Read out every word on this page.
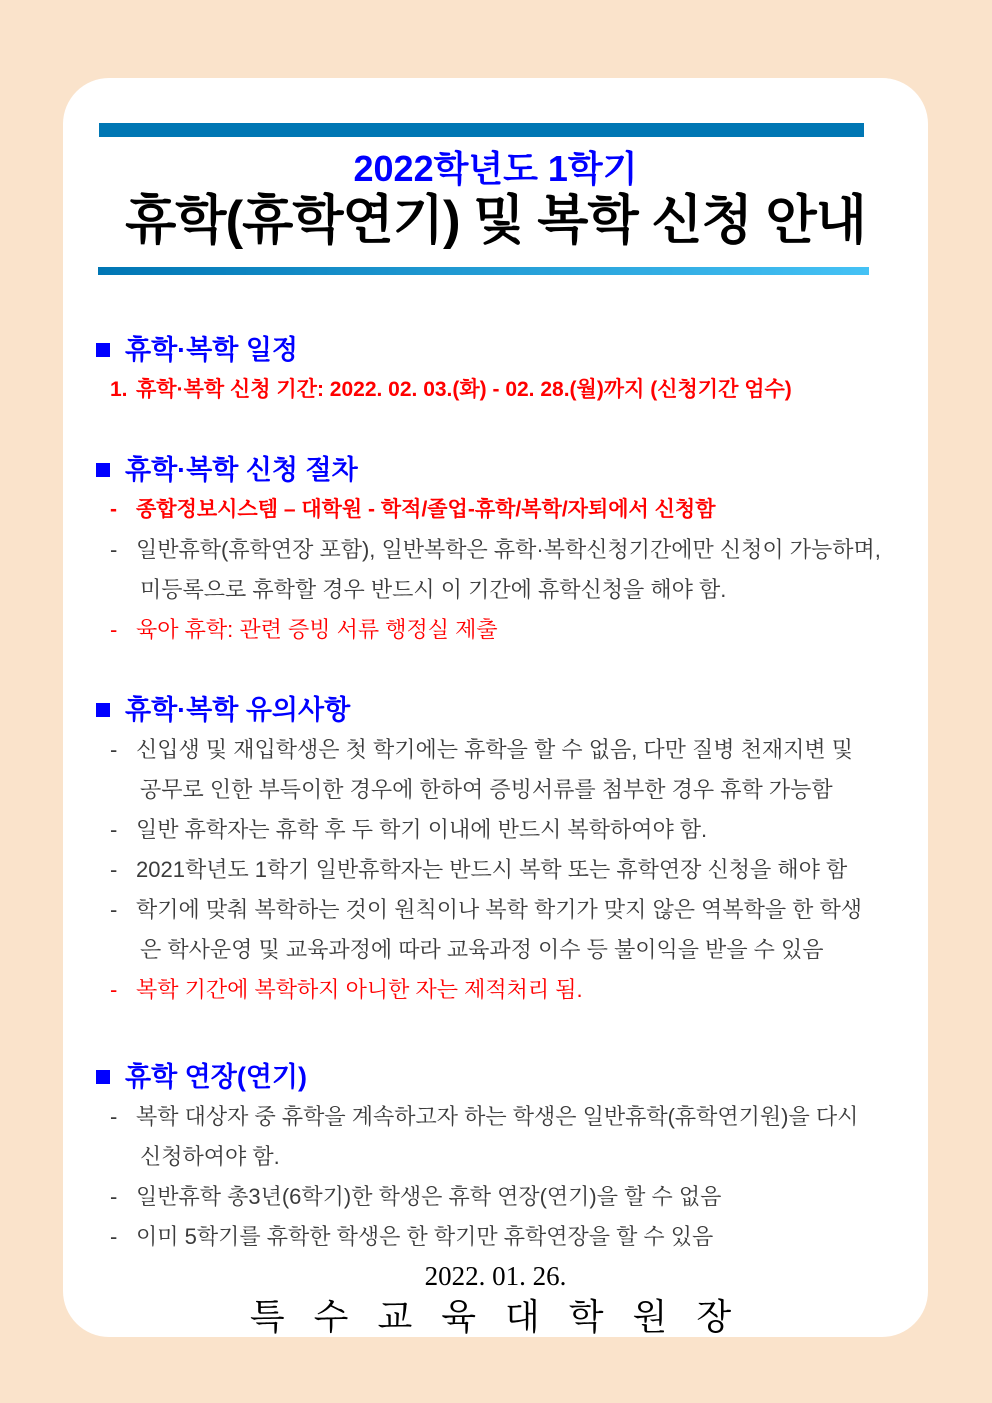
2022학년도 1학기
휴학(휴학연기) 및 복학 신청 안내
휴학·복학 일정
1. 휴학·복학 신청 기간: 2022. 02. 03.(화) - 02. 28.(월)까지 (신청기간 엄수)
휴학·복학 신청 절차
- 종합정보시스템 – 대학원 - 학적/졸업-휴학/복학/자퇴에서 신청함
- 일반휴학(휴학연장 포함), 일반복학은 휴학·복학신청기간에만 신청이 가능하며,
미등록으로 휴학할 경우 반드시 이 기간에 휴학신청을 해야 함.
- 육아 휴학: 관련 증빙 서류 행정실 제출
휴학·복학 유의사항
- 신입생 및 재입학생은 첫 학기에는 휴학을 할 수 없음, 다만 질병 천재지변 및
공무로 인한 부득이한 경우에 한하여 증빙서류를 첨부한 경우 휴학 가능함
- 일반 휴학자는 휴학 후 두 학기 이내에 반드시 복학하여야 함.
- 2021학년도 1학기 일반휴학자는 반드시 복학 또는 휴학연장 신청을 해야 함
- 학기에 맞춰 복학하는 것이 원칙이나 복학 학기가 맞지 않은 역복학을 한 학생
은 학사운영 및 교육과정에 따라 교육과정 이수 등 불이익을 받을 수 있음
- 복학 기간에 복학하지 아니한 자는 제적처리 됨.
휴학 연장(연기)
- 복학 대상자 중 휴학을 계속하고자 하는 학생은 일반휴학(휴학연기원)을 다시
신청하여야 함.
- 일반휴학 총3년(6학기)한 학생은 휴학 연장(연기)을 할 수 없음
- 이미 5학기를 휴학한 학생은 한 학기만 휴학연장을 할 수 있음
2022. 01. 26.
특 수 교 육 대 학 원 장
